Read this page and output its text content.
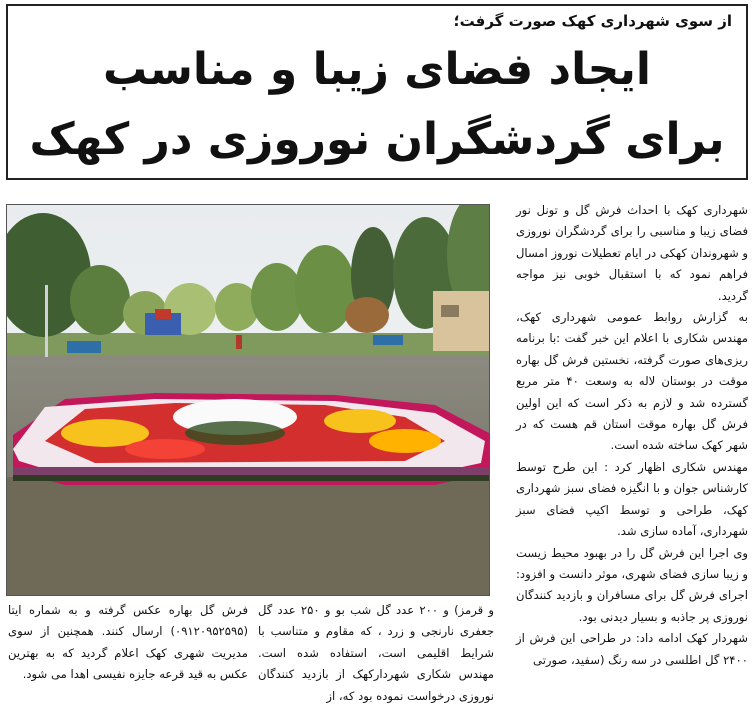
از سوی شهرداری کهک صورت گرفت؛

ایجاد فضای زیبا و مناسب

برای گردشگران نوروزی در کهک

شهرداری کهک با احداث فرش گل و تونل نور فضای زیبا و مناسبی را برای گردشگران نوروزی و شهروندان کهکی در ایام تعطیلات نوروز امسال فراهم نمود که با استقبال خوبی نیز مواجه گردید.

به گزارش روابط عمومی شهرداری کهک، مهندس شکاری با اعلام این خبر گفت :با برنامه ریزی‌های صورت گرفته، نخستین فرش گل بهاره موقت در بوستان لاله به وسعت ۴۰ متر مربع گسترده شد و لازم به ذکر است که این اولین فرش گل بهاره موقت استان قم هست که در شهر کهک ساخته شده است.

مهندس شکاری اظهار کرد : این طرح توسط کارشناس جوان و با انگیزه فضای سبز شهرداری کهک، طراحی و توسط اکیپ فضای سبز شهرداری، آماده سازی شد.

وی اجرا این فرش گل را در بهبود محیط زیست و زیبا سازی فضای شهری، موثر دانست و افزود: اجرای فرش گل برای مسافران و بازدید کنندگان نوروزی پر جاذبه و بسیار دیدنی بود.

شهردار کهک ادامه داد: در طراحی این فرش از ۲۴۰۰ گل اطلسی در سه رنگ (سفید، صورتی

و قرمز) و ۲۰۰ عدد گل شب بو و ۲۵۰ عدد گل جعفری نارنجی و زرد ، که مقاوم و متناسب با شرایط اقلیمی است، استفاده شده است. مهندس شکاری شهردارکهک از بازدید کنندگان نوروزی درخواست نموده بود که، از

فرش گل بهاره عکس گرفته و به شماره ایتا (۰۹۱۲۰۹۵۲۵۹۵) ارسال کنند. همچنین از سوی مدیریت شهری کهک اعلام گردید که به بهترین عکس به قید قرعه جایزه نفیسی اهدا می شود.
